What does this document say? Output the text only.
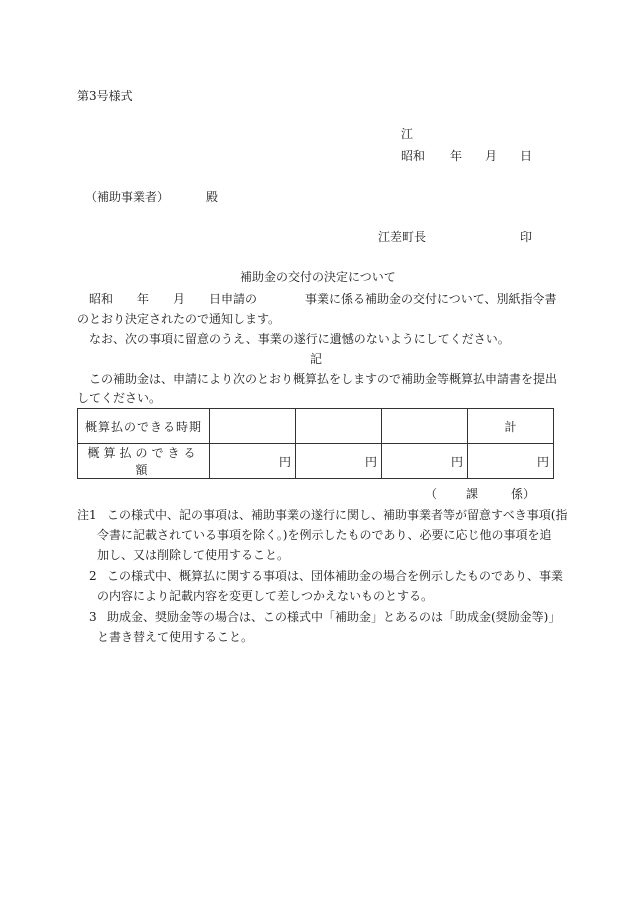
第3号様式
江
昭和 年 月 日
（補助事業者）	殿
江差町長	印
補助金の交付の決定について
昭和 年 月 日申請の	事業に係る補助金の交付について、別紙指令書
のとおり決定されたので通知します。
なお、次の事項に留意のうえ、事業の遂行に遺憾のないようにしてください。
記
この補助金は、申請により次のとおり概算払をしますので補助金等概算払申請書を提出
してください。
概算払のできる時期				計
概算払のできる額	円	円	円	円
（ 課	係）
注1 この様式中、記の事項は、補助事業の遂行に関し、補助事業者等が留意すべき事項(指
令書に記載されている事項を除く。)を例示したものであり、必要に応じ他の事項を追
加し、又は削除して使用すること。
2 この様式中、概算払に関する事項は、団体補助金の場合を例示したものであり、事業
の内容により記載内容を変更して差しつかえないものとする。
3 助成金、奨励金等の場合は、この様式中「補助金」とあるのは「助成金(奨励金等)」
と書き替えて使用すること。
